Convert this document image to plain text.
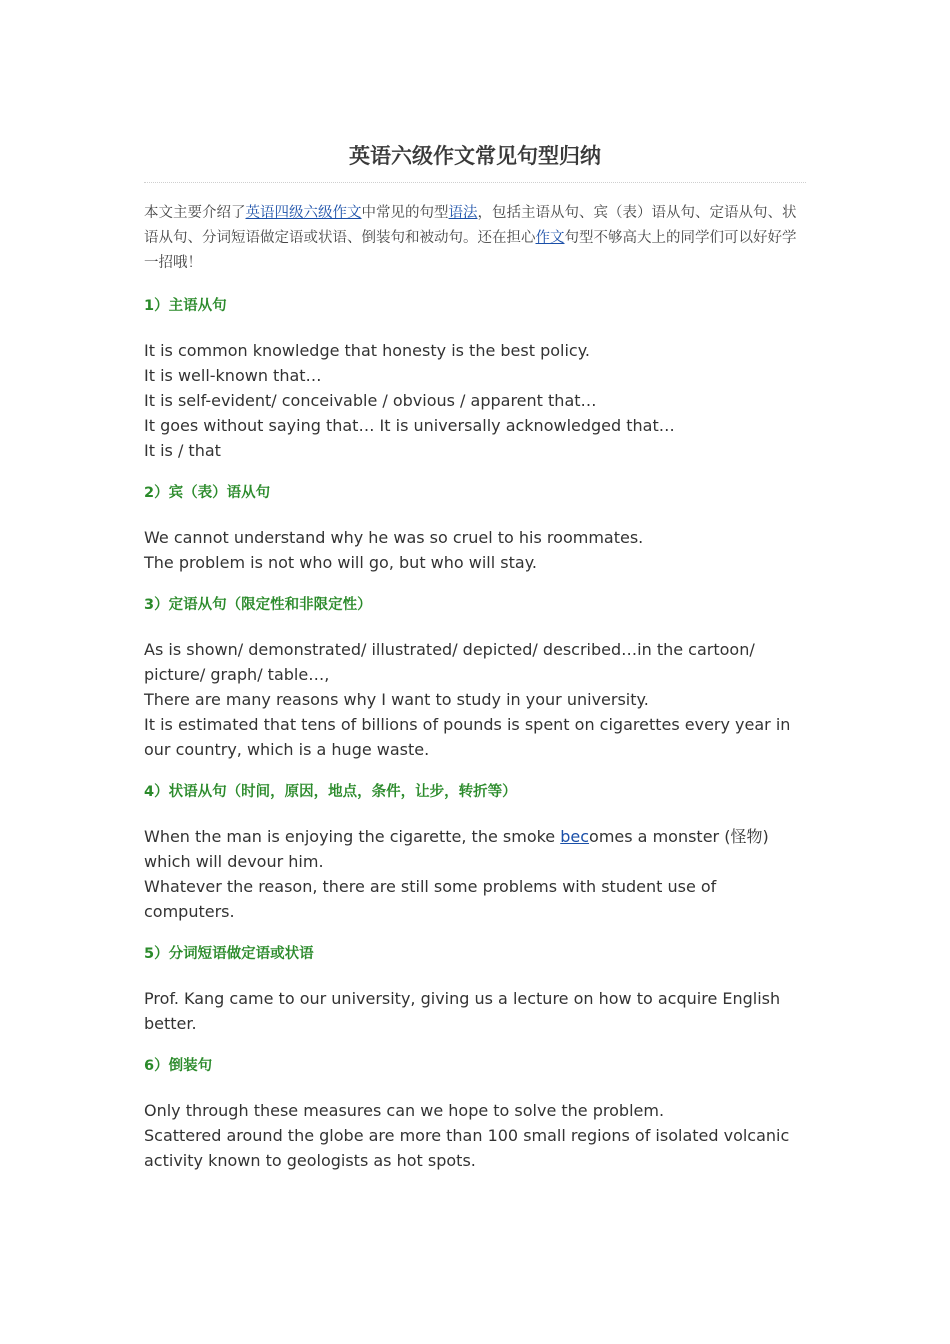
英语六级作文常见句型归纳

本文主要介绍了英语四级六级作文中常见的句型语法，包括主语从句、宾（表）语从句、定语从句、状语从句、分词短语做定语或状语、倒装句和被动句。还在担心作文句型不够高大上的同学们可以好好学一招哦！

1）主语从句

It is common knowledge that honesty is the best policy.

It is well-known that…

It is self-evident/ conceivable / obvious / apparent that…

It goes without saying that… It is universally acknowledged that…

It is / that

2）宾（表）语从句

We cannot understand why he was so cruel to his roommates.

The problem is not who will go, but who will stay.

3）定语从句（限定性和非限定性）

As is shown/ demonstrated/ illustrated/ depicted/ described…in the cartoon/ picture/ graph/ table…,

There are many reasons why I want to study in your university.

It is estimated that tens of billions of pounds is spent on cigarettes every year in our country, which is a huge waste.

4）状语从句（时间，原因，地点，条件，让步，转折等）

When the man is enjoying the cigarette, the smoke becomes a monster (怪物) which will devour him.

Whatever the reason, there are still some problems with student use of computers.

5）分词短语做定语或状语

Prof. Kang came to our university, giving us a lecture on how to acquire English better.

6）倒装句

Only through these measures can we hope to solve the problem.

Scattered around the globe are more than 100 small regions of isolated volcanic activity known to geologists as hot spots.
